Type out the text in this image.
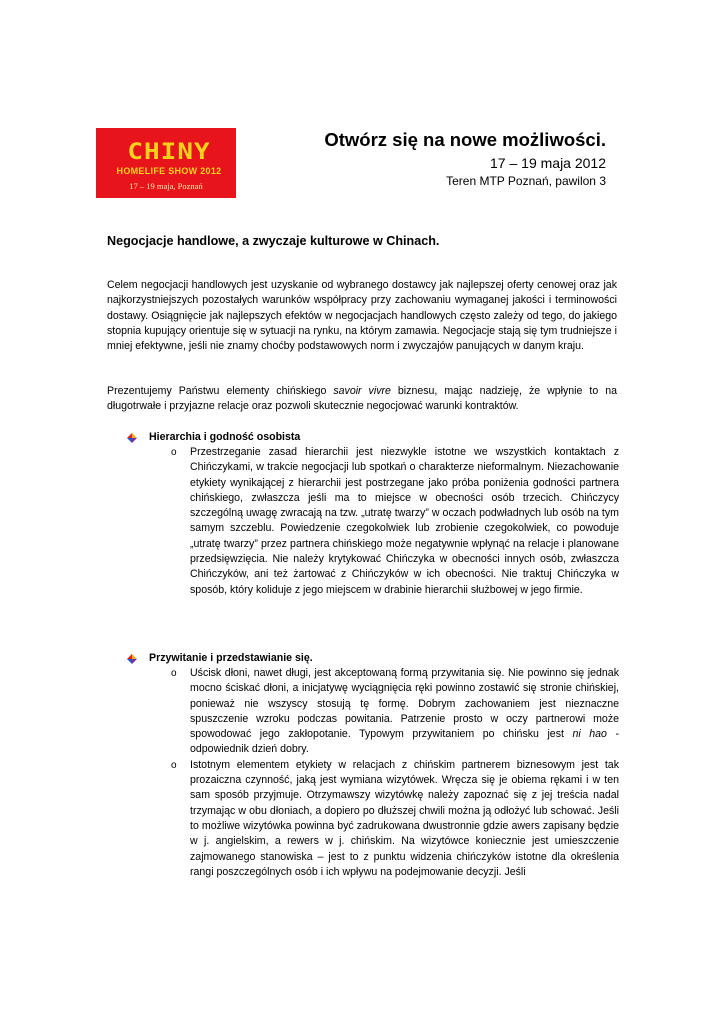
CHINY
HOMELIFE SHOW 2012
17 – 19 maja, Poznań
Otwórz się na nowe możliwości.
17 – 19 maja 2012
Teren MTP Poznań, pawilon 3
Negocjacje handlowe, a zwyczaje kulturowe w Chinach.
Celem negocjacji handlowych jest uzyskanie od wybranego dostawcy jak najlepszej oferty cenowej oraz jak najkorzystniejszych pozostałych warunków współpracy przy zachowaniu wymaganej jakości i terminowości dostawy. Osiągnięcie jak najlepszych efektów w negocjacjach handlowych często zależy od tego, do jakiego stopnia kupujący orientuje się w sytuacji na rynku, na którym zamawia. Negocjacje stają się tym trudniejsze i mniej efektywne, jeśli nie znamy choćby podstawowych norm i zwyczajów panujących w danym kraju.
Prezentujemy Państwu elementy chińskiego savoir vivre biznesu, mając nadzieję, że wpłynie to na długotrwałe i przyjazne relacje oraz pozwoli skutecznie negocjować warunki kontraktów.
Hierarchia i godność osobista
o Przestrzeganie zasad hierarchii jest niezwykle istotne we wszystkich kontaktach z Chińczykami, w trakcie negocjacji lub spotkań o charakterze nieformalnym. Niezachowanie etykiety wynikającej z hierarchii jest postrzegane jako próba poniżenia godności partnera chińskiego, zwłaszcza jeśli ma to miejsce w obecności osób trzecich. Chińczycy szczególną uwagę zwracają na tzw. „utratę twarzy” w oczach podwładnych lub osób na tym samym szczeblu. Powiedzenie czegokolwiek lub zrobienie czegokolwiek, co powoduje „utratę twarzy” przez partnera chińskiego może negatywnie wpłynąć na relacje i planowane przedsięwzięcia. Nie należy krytykować Chińczyka w obecności innych osób, zwłaszcza Chińczyków, ani też żartować z Chińczyków w ich obecności. Nie traktuj Chińczyka w sposób, który koliduje z jego miejscem w drabinie hierarchii służbowej w jego firmie.
Przywitanie i przedstawianie się.
o Uścisk dłoni, nawet długi, jest akceptowaną formą przywitania się. Nie powinno się jednak mocno ściskać dłoni, a inicjatywę wyciągnięcia ręki powinno zostawić się stronie chińskiej, ponieważ nie wszyscy stosują tę formę. Dobrym zachowaniem jest nieznaczne spuszczenie wzroku podczas powitania. Patrzenie prosto w oczy partnerowi może spowodować jego zakłopotanie. Typowym przywitaniem po chińsku jest ni hao - odpowiednik dzień dobry.
o Istotnym elementem etykiety w relacjach z chińskim partnerem biznesowym jest tak prozaiczna czynność, jaką jest wymiana wizytówek. Wręcza się je obiema rękami i w ten sam sposób przyjmuje. Otrzymawszy wizytówkę należy zapoznać się z jej treścia nadal trzymając w obu dłoniach, a dopiero po dłuższej chwili można ją odłożyć lub schować. Jeśli to możliwe wizytówka powinna być zadrukowana dwustronnie gdzie awers zapisany będzie w j. angielskim, a rewers w j. chińskim. Na wizytówce koniecznie jest umieszczenie zajmowanego stanowiska – jest to z punktu widzenia chińczyków istotne dla określenia rangi poszczególnych osób i ich wpływu na podejmowanie decyzji. Jeśli
